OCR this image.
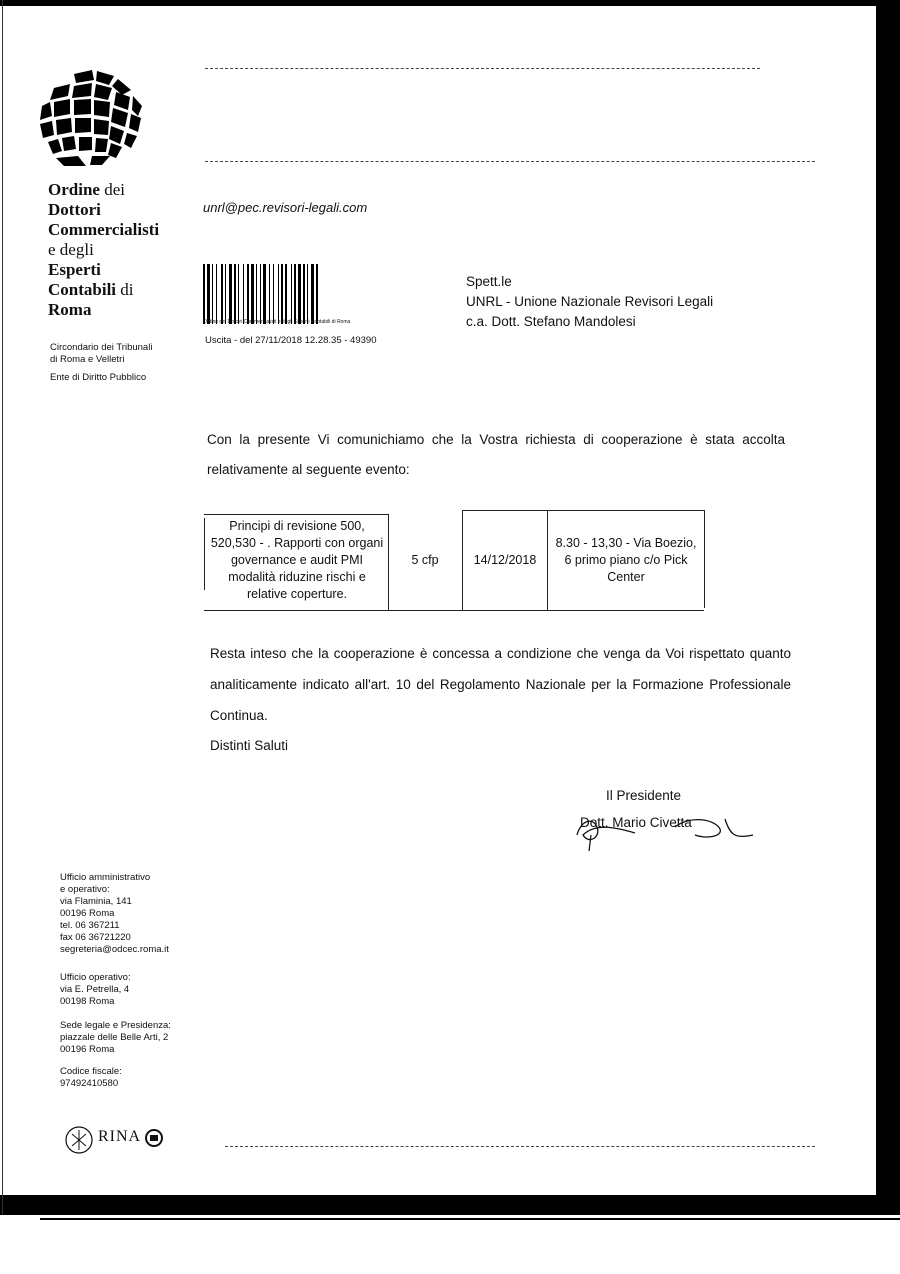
Ordine dei
Dottori
Commercialisti
e degli
Esperti
Contabili di
Roma
Circondario dei Tribunali
di Roma e Velletri
Ente di Diritto Pubblico
unrl@pec.revisori-legali.com
Ordine dei Dottori Commercialisti e degli Esperti Contabili di Roma
Uscita - del 27/11/2018 12.28.35 - 49390
Spett.le
UNRL - Unione Nazionale Revisori Legali
c.a. Dott. Stefano Mandolesi
Con la presente Vi comunichiamo che la Vostra richiesta di cooperazione è stata accolta relativamente al seguente evento:
Principi di revisione 500, 520,530 - . Rapporti con organi governance e audit PMI modalità riduzine rischi e relative coperture.
5 cfp	14/12/2018
8.30 - 13,30 - Via Boezio, 6 primo piano c/o Pick Center
Resta inteso che la cooperazione è concessa a condizione che venga da Voi rispettato quanto analiticamente indicato all'art. 10 del Regolamento Nazionale per la Formazione Professionale Continua.
Distinti Saluti
Il Presidente
Dott. Mario Civetta
Ufficio amministrativo
e operativo:
via Flaminia, 141
00196 Roma
tel. 06 367211
fax 06 36721220
segreteria@odcec.roma.it
Ufficio operativo:
via E. Petrella, 4
00198 Roma
Sede legale e Presidenza:
piazzale delle Belle Arti, 2
00196 Roma
Codice fiscale:
97492410580
RINA
